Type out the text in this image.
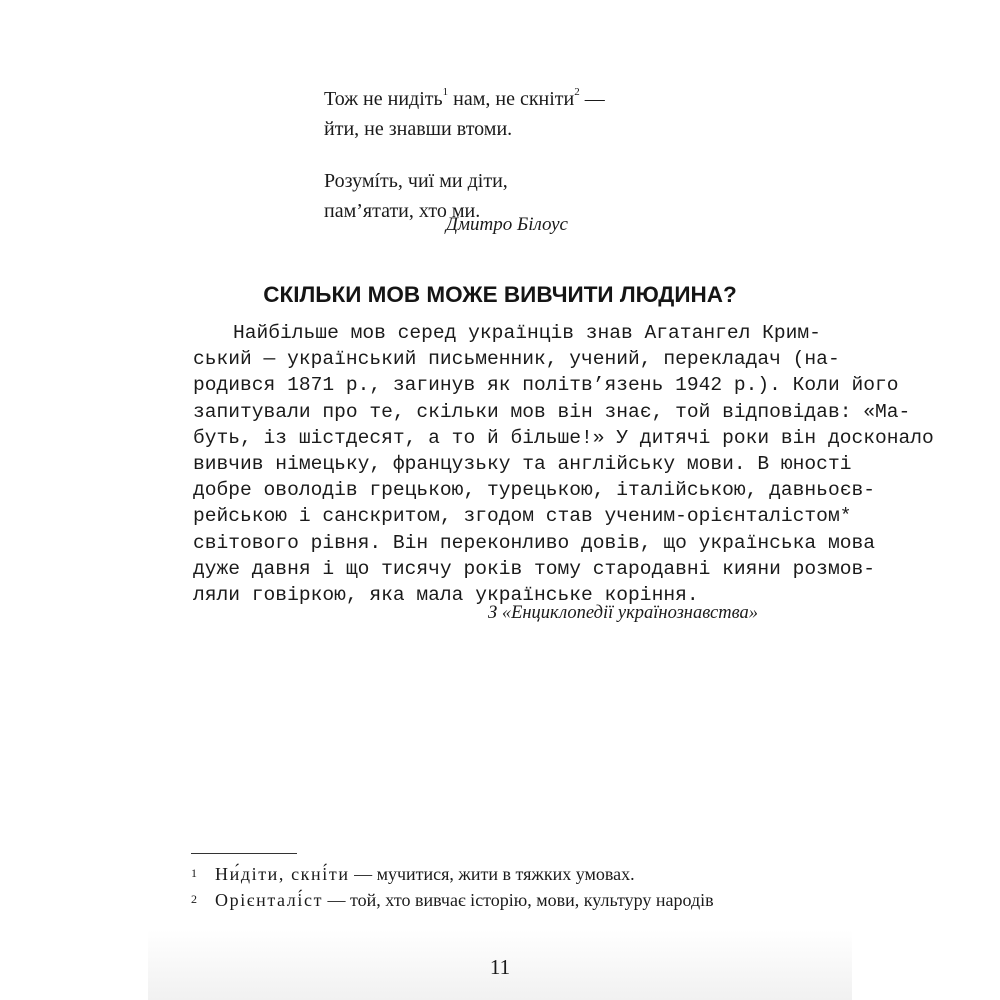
Тож не нидіть$^1$ нам, не скніти$^2$ —
йти, не знавши втоми.
Розумíть, чиї ми діти,
пам’ятати, хто ми.
Дмитро Білоус
СКІЛЬКИ МОВ МОЖЕ ВИВЧИТИ ЛЮДИНА?
Найбільше мов серед українців знав Агатангел Крим-
ський — український письменник, учений, перекладач (на-
родився 1871 р., загинув як політв’язень 1942 р.). Коли його
запитували про те, скільки мов він знає, той відповідав: «Ма-
буть, із шістдесят, а то й більше!» У дитячі роки він досконало
вивчив німецьку, французьку та англійську мови. В юності
добре оволодів грецькою, турецькою, італійською, давньоєв-
рейською і санскритом, згодом став ученим-орієнталістом*
світового рівня. Він переконливо довів, що українська мова
дуже давня і що тисячу років тому стародавні кияни розмов-
ляли говіркою, яка мала українське коріння.
З «Енциклопедії українознавства»
1 Ни́діти, скні́ти — мучитися, жити в тяжких умовах.
2 Орієнталі́ст — той, хто вивчає історію, мови, культуру народів
11
